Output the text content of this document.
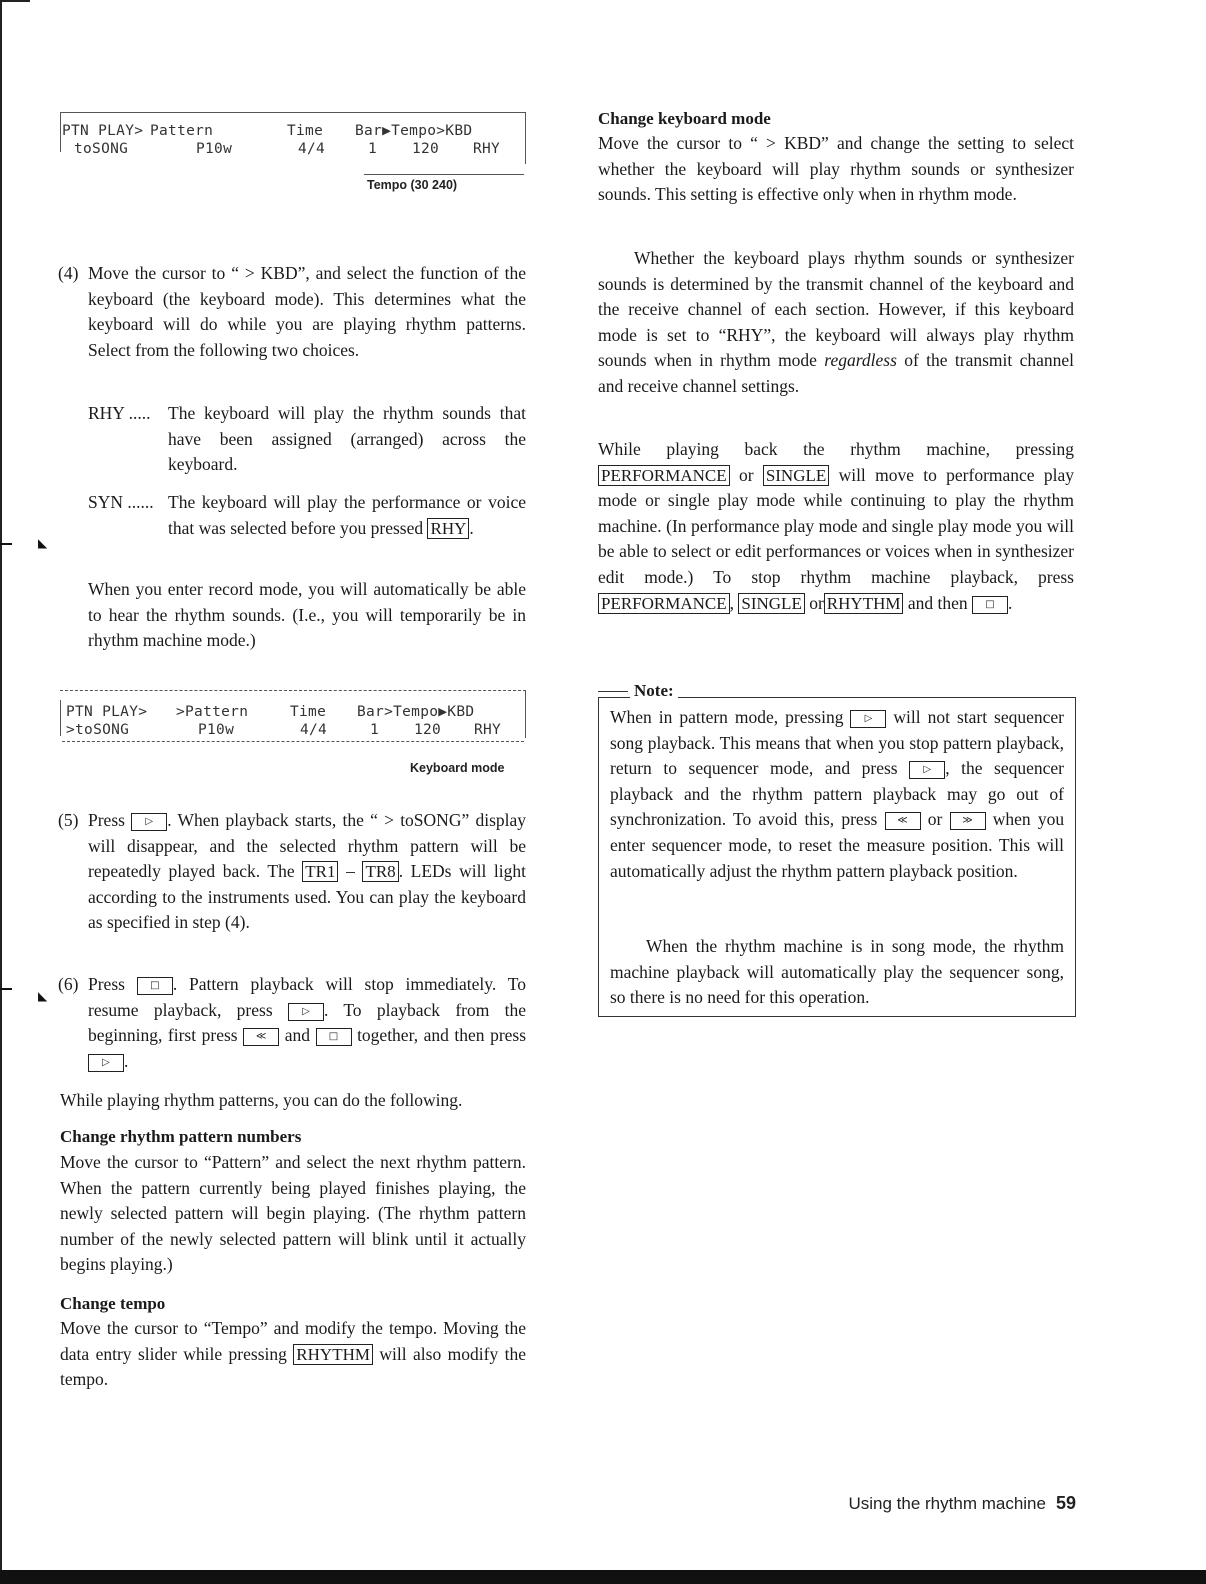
◣
◣
PTN PLAY> Pattern	Time Bar▶Tempo>KBD
toSONG	P10w	4/4	1 120 RHY
Tempo (30 240)
(4) Move the cursor to “ > KBD”, and select the function of the keyboard (the keyboard mode). This determines what the keyboard will do while you are playing rhythm patterns. Select from the following two choices.
RHY ..... The keyboard will play the rhythm sounds that have been assigned (arranged) across the keyboard.
SYN ...... The keyboard will play the performance or voice that was selected before you pressed RHY .
When you enter record mode, you will automatically be able to hear the rhythm sounds. (I.e., you will temporarily be in rhythm machine mode.)
PTN PLAY> >Pattern	Time Bar>Tempo▶KBD
>toSONG	P10w	4/4	1 120 RHY
Keyboard mode
(5) Press ▷ . When playback starts, the “ > toSONG” display will disappear, and the selected rhythm pattern will be repeatedly played back. The TR1 – TR8 . LEDs will light according to the instruments used. You can play the keyboard as specified in step (4).
(6) Press	□ . Pattern playback will stop immediately. To resume playback, press	▷ . To playback from the beginning, first press ≪ and □ together, and then press ▷ .
While playing rhythm patterns, you can do the following.
Change rhythm pattern numbers
Move the cursor to “Pattern” and select the next rhythm pattern. When the pattern currently being played finishes playing, the newly selected pattern will begin playing. (The rhythm pattern number of the newly selected pattern will blink until it actually begins playing.)
Change tempo
Move the cursor to “Tempo” and modify the tempo. Moving the data entry slider while pressing RHYTHM will also modify the tempo.
Change keyboard mode
Move the cursor to “ > KBD” and change the setting to select whether the keyboard will play rhythm sounds or synthesizer sounds. This setting is effective only when in rhythm mode.
Whether the keyboard plays rhythm sounds or synthesizer sounds is determined by the transmit channel of the keyboard and the receive channel of each section. However, if this keyboard mode is set to “RHY”, the keyboard will always play rhythm sounds when in rhythm mode regardless of the transmit channel and receive channel settings.
While playing back the rhythm machine, pressing PERFORMANCE or SINGLE will move to performance play mode or single play mode while continuing to play the rhythm machine. (In performance play mode and single play mode you will be able to select or edit performances or voices when in synthesizer edit mode.) To stop rhythm machine playback, press PERFORMANCE , SINGLE or RHYTHM and then □ .
Note:
When in pattern mode, pressing ▷ will not start sequencer song playback. This means that when you stop pattern playback, return to sequencer mode, and press	▷ , the sequencer playback and the rhythm pattern playback may go out of synchronization. To avoid this, press ≪ or ≫ when you enter sequencer mode, to reset the measure position. This will automatically adjust the rhythm pattern playback position.
When the rhythm machine is in song mode, the rhythm machine playback will automatically play the sequencer song, so there is no need for this operation.
Using the rhythm machine 59
